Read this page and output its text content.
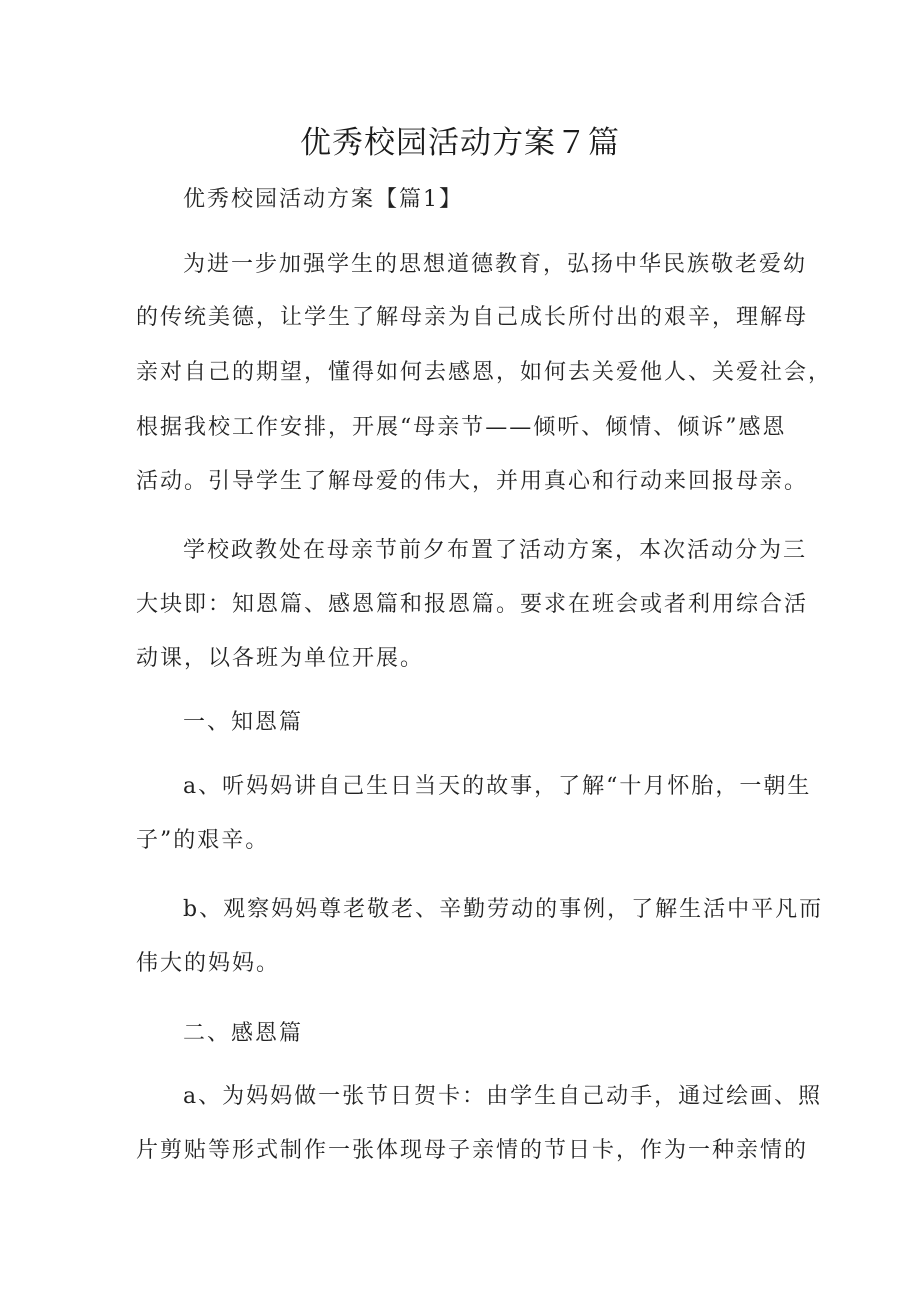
优秀校园活动方案７篇

优秀校园活动方案【篇1】

为进一步加强学生的思想道德教育，弘扬中华民族敬老爱幼

的传统美德，让学生了解母亲为自己成长所付出的艰辛，理解母

亲对自己的期望，懂得如何去感恩，如何去关爱他人、关爱社会，

根据我校工作安排，开展“母亲节——倾听、倾情、倾诉”感恩

活动。引导学生了解母爱的伟大，并用真心和行动来回报母亲。

学校政教处在母亲节前夕布置了活动方案，本次活动分为三

大块即：知恩篇、感恩篇和报恩篇。要求在班会或者利用综合活

动课，以各班为单位开展。

一、知恩篇

a、听妈妈讲自己生日当天的故事，了解“十月怀胎，一朝生

子”的艰辛。

b、观察妈妈尊老敬老、辛勤劳动的事例，了解生活中平凡而

伟大的妈妈。

二、感恩篇

a、为妈妈做一张节日贺卡：由学生自己动手，通过绘画、照

片剪贴等形式制作一张体现母子亲情的节日卡，作为一种亲情的
